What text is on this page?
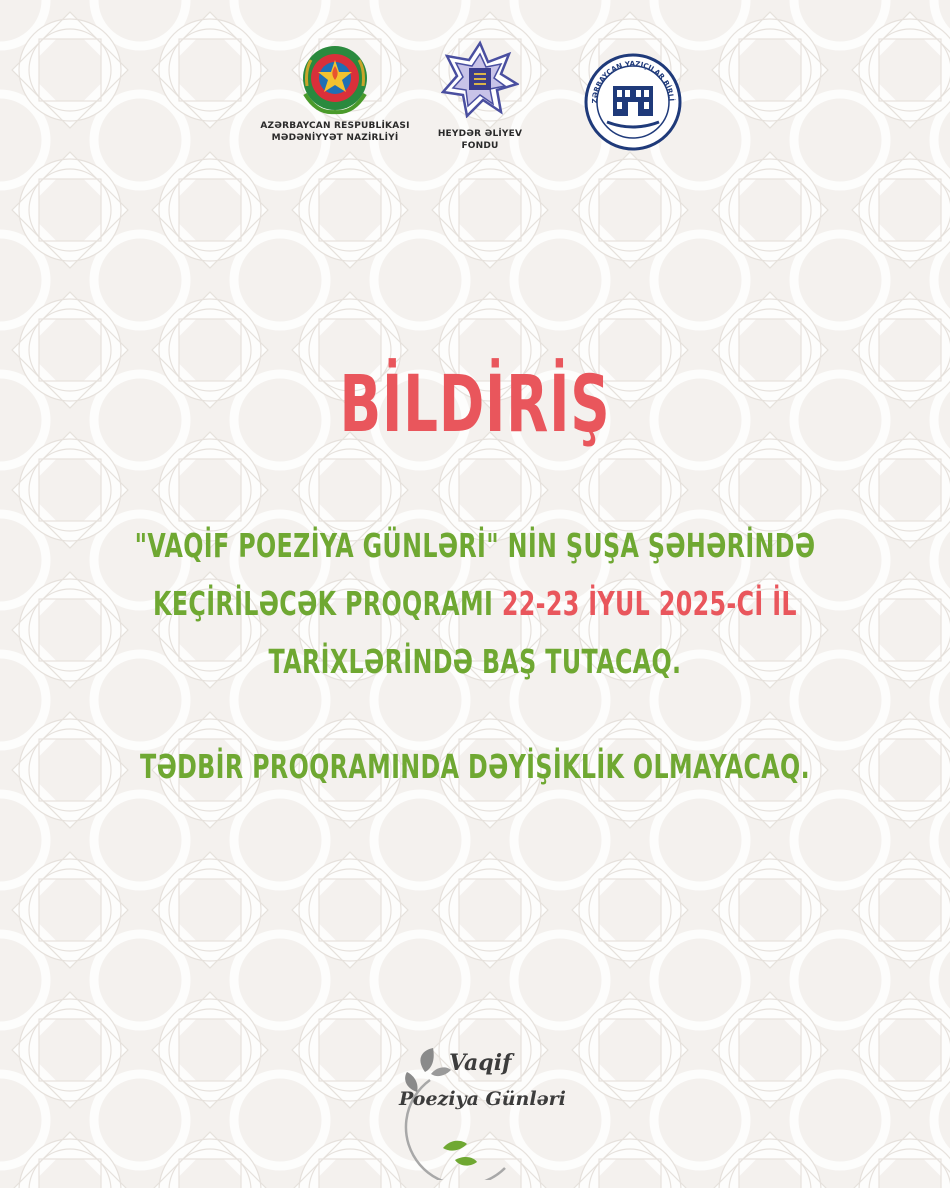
AZƏRBAYCAN RESPUBLİKASI
MƏDƏNİYYƏT NAZİRLİYİ	HEYDƏR ƏLİYEV
FONDU
ZƏRBAYCAN YAZIÇILAR BİRLİ
BİLDİRİŞ
"VAQİF POEZİYA GÜNLƏRİ" NİN ŞUŞA ŞƏHƏRİNDƏ
KEÇİRİLƏCƏK PROQRAMI 22-23 İYUL 2025-Cİ İL
TARİXLƏRİNDƏ BAŞ TUTACAQ.
TƏDBİR PROQRAMINDA DƏYİŞİKLİK OLMAYACAQ.
Vaqif
Poeziya Günləri
